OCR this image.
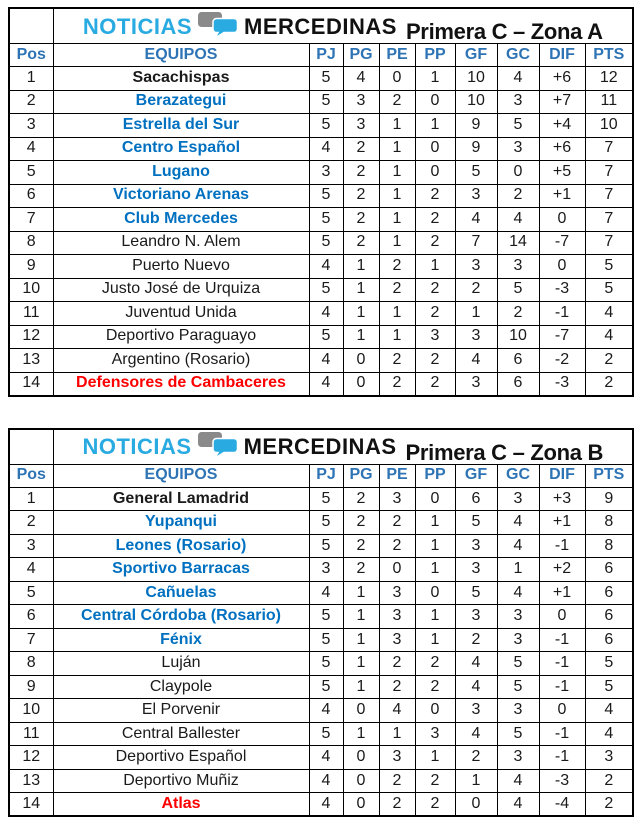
	NOTICIAS MERCEDINAS Primera C – Zona A								

Pos	EQUIPOS	PJ	PG	PE	PP	GF	GC	DIF	PTS
1	Sacachispas	5	4	0	1	10	4	+6	12
2	Berazategui	5	3	2	0	10	3	+7	11
3	Estrella del Sur	5	3	1	1	9	5	+4	10
4	Centro Español	4	2	1	0	9	3	+6	7
5	Lugano	3	2	1	0	5	0	+5	7
6	Victoriano Arenas	5	2	1	2	3	2	+1	7
7	Club Mercedes	5	2	1	2	4	4	0	7
8	Leandro N. Alem	5	2	1	2	7	14	-7	7
9	Puerto Nuevo	4	1	2	1	3	3	0	5
10	Justo José de Urquiza	5	1	2	2	2	5	-3	5
11	Juventud Unida	4	1	1	2	1	2	-1	4
12	Deportivo Paraguayo	5	1	1	3	3	10	-7	4
13	Argentino (Rosario)	4	0	2	2	4	6	-2	2
14	Defensores de Cambaceres	4	0	2	2	3	6	-3	2

	NOTICIAS MERCEDINAS Primera C – Zona B								

Pos	EQUIPOS	PJ	PG	PE	PP	GF	GC	DIF	PTS
1	General Lamadrid	5	2	3	0	6	3	+3	9
2	Yupanqui	5	2	2	1	5	4	+1	8
3	Leones (Rosario)	5	2	2	1	3	4	-1	8
4	Sportivo Barracas	3	2	0	1	3	1	+2	6
5	Cañuelas	4	1	3	0	5	4	+1	6
6	Central Córdoba (Rosario)	5	1	3	1	3	3	0	6
7	Fénix	5	1	3	1	2	3	-1	6
8	Luján	5	1	2	2	4	5	-1	5
9	Claypole	5	1	2	2	4	5	-1	5
10	El Porvenir	4	0	4	0	3	3	0	4
11	Central Ballester	5	1	1	3	4	5	-1	4
12	Deportivo Español	4	0	3	1	2	3	-1	3
13	Deportivo Muñiz	4	0	2	2	1	4	-3	2
14	Atlas	4	0	2	2	0	4	-4	2
